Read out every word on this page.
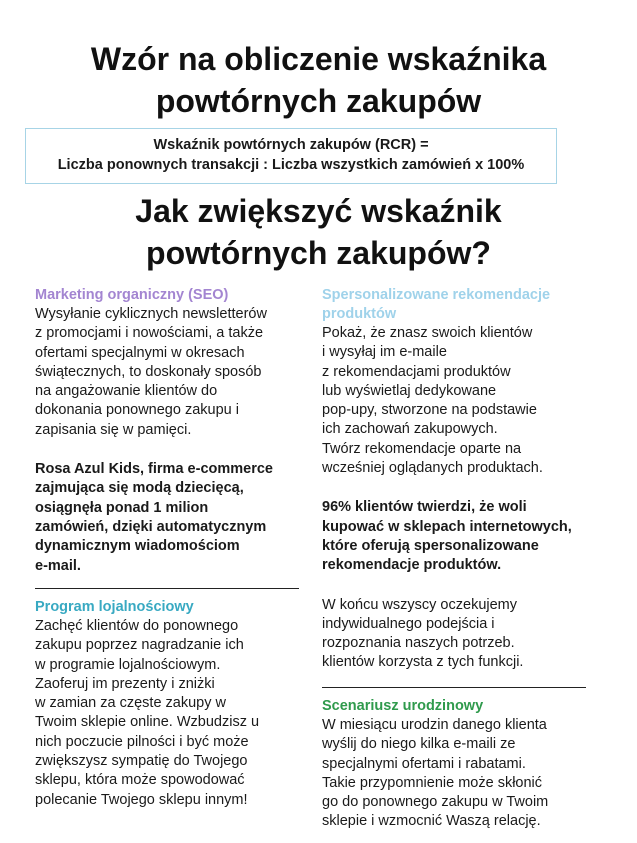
Wzór na obliczenie wskaźnika
powtórnych zakupów
Wskaźnik powtórnych zakupów (RCR) =
Liczba ponownych transakcji : Liczba wszystkich zamówień x 100%
Jak zwiększyć wskaźnik
powtórnych zakupów?

Marketing organiczny (SEO)

Wysyłanie cyklicznych newsletterów
z promocjami i nowościami, a także
ofertami specjalnymi w okresach
świątecznych, to doskonały sposób
na angażowanie klientów do
dokonania ponownego zakupu i
zapisania się w pamięci.

Rosa Azul Kids, firma e-commerce
zajmująca się modą dziecięcą,
osiągnęła ponad 1 milion
zamówień, dzięki automatycznym
dynamicznym wiadomościom
e-mail.

Program lojalnościowy

Zachęć klientów do ponownego
zakupu poprzez nagradzanie ich
w programie lojalnościowym.
Zaoferuj im prezenty i zniżki
w zamian za częste zakupy w
Twoim sklepie online. Wzbudzisz u
nich poczucie pilności i być może
zwiększysz sympatię do Twojego
sklepu, która może spowodować
polecanie Twojego sklepu innym!

Spersonalizowane rekomendacje
produktów

Pokaż, że znasz swoich klientów
i wysyłaj im e-maile
z rekomendacjami produktów
lub wyświetlaj dedykowane
pop-upy, stworzone na podstawie
ich zachowań zakupowych.
Twórz rekomendacje oparte na
wcześniej oglądanych produktach.

96% klientów twierdzi, że woli
kupować w sklepach internetowych,
które oferują spersonalizowane
rekomendacje produktów.

W końcu wszyscy oczekujemy
indywidualnego podejścia i
rozpoznania naszych potrzeb.
klientów korzysta z tych funkcji.

Scenariusz urodzinowy

W miesiącu urodzin danego klienta
wyślij do niego kilka e-maili ze
specjalnymi ofertami i rabatami.
Takie przypomnienie może skłonić
go do ponownego zakupu w Twoim
sklepie i wzmocnić Waszą relację.
